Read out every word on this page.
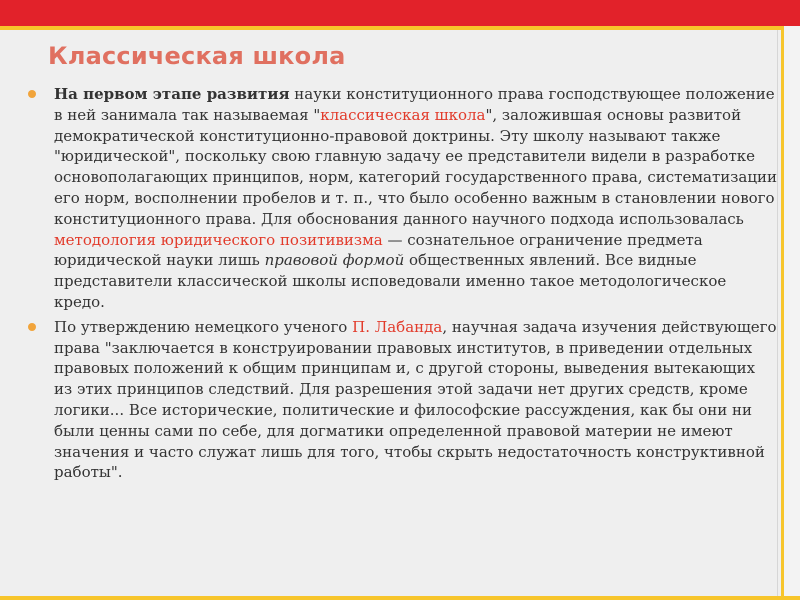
Классическая школа

На первом этапе развития науки конституционного права господствующее положение в ней занимала так называемая "классическая школа", заложившая основы развитой демократической конституционно-правовой доктрины. Эту школу называют также "юридической", поскольку свою главную задачу ее представители видели в разработке основополагающих принципов, норм, категорий государственного права, систематизации его норм, восполнении пробелов и т. п., что было особенно важным в становлении нового конституционного права. Для обоснования данного научного подхода использовалась методология юридического позитивизма — сознательное ограничение предмета юридической науки лишь правовой формой общественных явлений. Все видные представители классической школы исповедовали именно такое методологическое кредо.

По утверждению немецкого ученого П. Лабанда, научная задача изучения действующего права "заключается в конструировании правовых институтов, в приведении отдельных правовых положений к общим принципам и, с другой стороны, выведения вытекающих из этих принципов следствий. Для разрешения этой задачи нет других средств, кроме логики... Все исторические, политические и философские рассуждения, как бы они ни были ценны сами по себе, для догматики определенной правовой материи не имеют значения и часто служат лишь для того, чтобы скрыть недостаточность конструктивной работы".
